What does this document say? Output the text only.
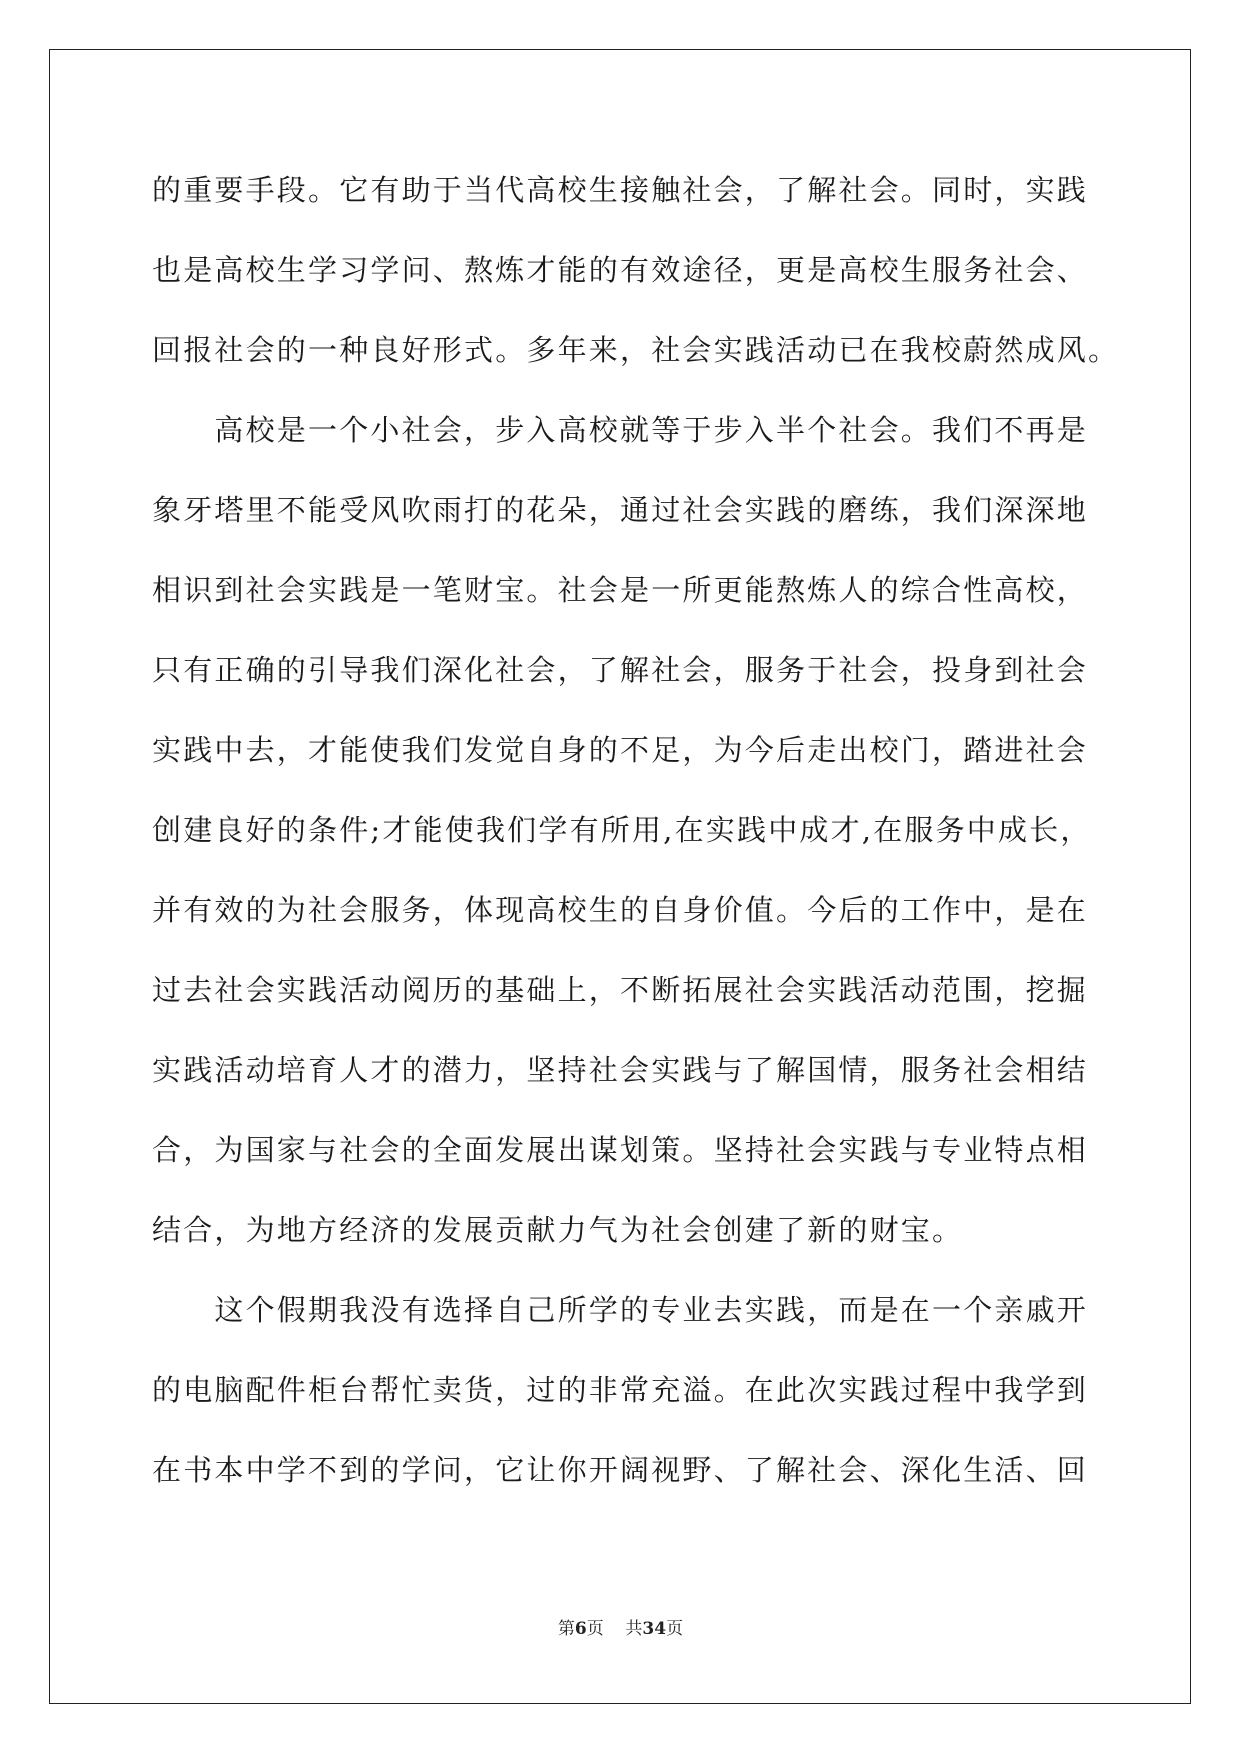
的重要手段。它有助于当代高校生接触社会，了解社会。同时，实践
也是高校生学习学问、熬炼才能的有效途径，更是高校生服务社会、
回报社会的一种良好形式。多年来，社会实践活动已在我校蔚然成风。
　　高校是一个小社会，步入高校就等于步入半个社会。我们不再是
象牙塔里不能受风吹雨打的花朵，通过社会实践的磨练，我们深深地
相识到社会实践是一笔财宝。社会是一所更能熬炼人的综合性高校，
只有正确的引导我们深化社会，了解社会，服务于社会，投身到社会
实践中去，才能使我们发觉自身的不足，为今后走出校门，踏进社会
创建良好的条件;才能使我们学有所用,在实践中成才,在服务中成长，
并有效的为社会服务，体现高校生的自身价值。今后的工作中，是在
过去社会实践活动阅历的基础上，不断拓展社会实践活动范围，挖掘
实践活动培育人才的潜力，坚持社会实践与了解国情，服务社会相结
合，为国家与社会的全面发展出谋划策。坚持社会实践与专业特点相
结合，为地方经济的发展贡献力气为社会创建了新的财宝。
　　这个假期我没有选择自己所学的专业去实践，而是在一个亲戚开
的电脑配件柜台帮忙卖货，过的非常充溢。在此次实践过程中我学到
在书本中学不到的学问，它让你开阔视野、了解社会、深化生活、回
第6页 共34页
